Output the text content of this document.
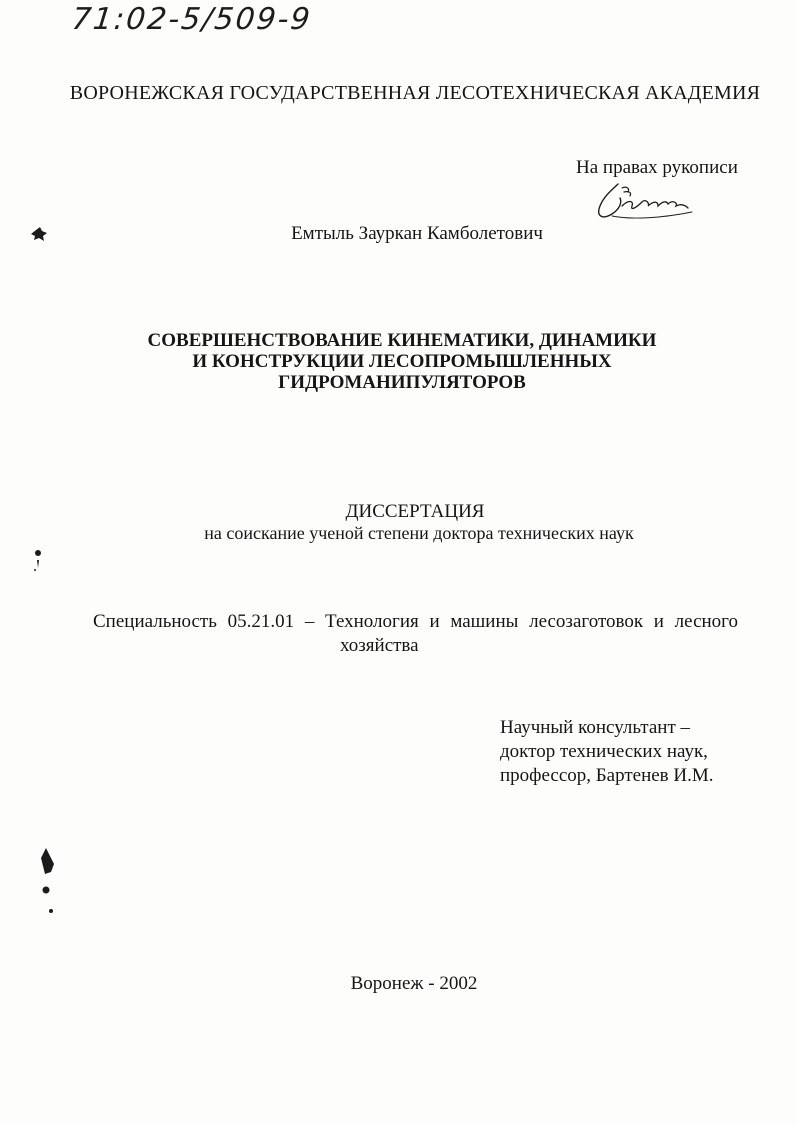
71:02-5/509-9
ВОРОНЕЖСКАЯ ГОСУДАРСТВЕННАЯ ЛЕСОТЕХНИЧЕСКАЯ АКАДЕМИЯ
На правах рукописи
Емтыль Заур​кан Камболетович
СОВЕРШЕНСТВОВАНИЕ КИНЕМАТИКИ, ДИНАМИКИ
И КОНСТРУКЦИИ ЛЕСОПРОМЫШЛЕННЫХ
ГИДРОМАНИПУЛЯТОРОВ
ДИССЕРТАЦИЯ
на соискание ученой степени доктора технических наук
Специальность 05.21.01 – Технология и машины лесозаготовок и лесного
хозяйства
Научный консультант –
доктор технических наук,
профессор, Бартенев И.М.
Воронеж - 2002
